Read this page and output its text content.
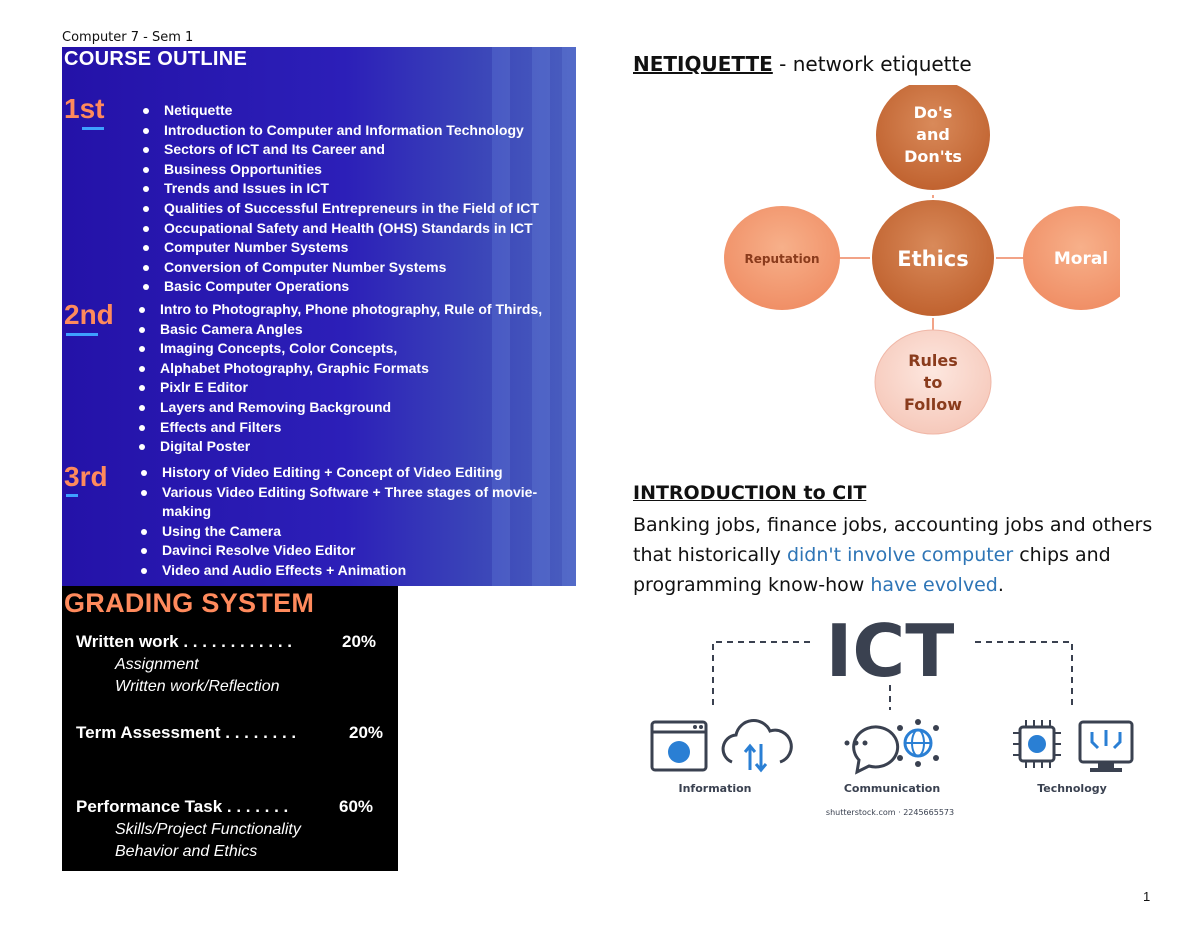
Computer 7 - Sem 1
COURSE OUTLINE
1st	Netiquette
Introduction to Computer and Information Technology
Sectors of ICT and Its Career and
Business Opportunities
Trends and Issues in ICT
Qualities of Successful Entrepreneurs in the Field of ICT
Occupational Safety and Health (OHS) Standards in ICT
Computer Number Systems
Conversion of Computer Number Systems
Basic Computer Operations
2nd	Intro to Photography, Phone photography, Rule of Thirds,
Basic Camera Angles
Imaging Concepts, Color Concepts,
Alphabet Photography, Graphic Formats
Pixlr E Editor
Layers and Removing Background
Effects and Filters
Digital Poster
3rd	History of Video Editing + Concept of Video Editing
Various Video Editing Software + Three stages of movie-
making
Using the Camera
Davinci Resolve Video Editor
Video and Audio Effects + Animation
Written work . . . . . . . . . . . .	20%
Assignment
Written work/Reflection
Term Assessment . . . . . . . .	20%
Performance Task . . . . . . .	60%
Skills/Project Functionality
Behavior and Ethics
GRADING SYSTEM
NETIQUETTE - network etiquette
Ethics
Do's
and
Don'ts
Reputation	Moral
Rules
to
Follow
INTRODUCTION to CIT
Banking jobs, finance jobs, accounting jobs and others that historically didn't involve computer chips and programming know-how have evolved.
ICT
Information	Communication	Technology
shutterstock.com · 2245665573
1
